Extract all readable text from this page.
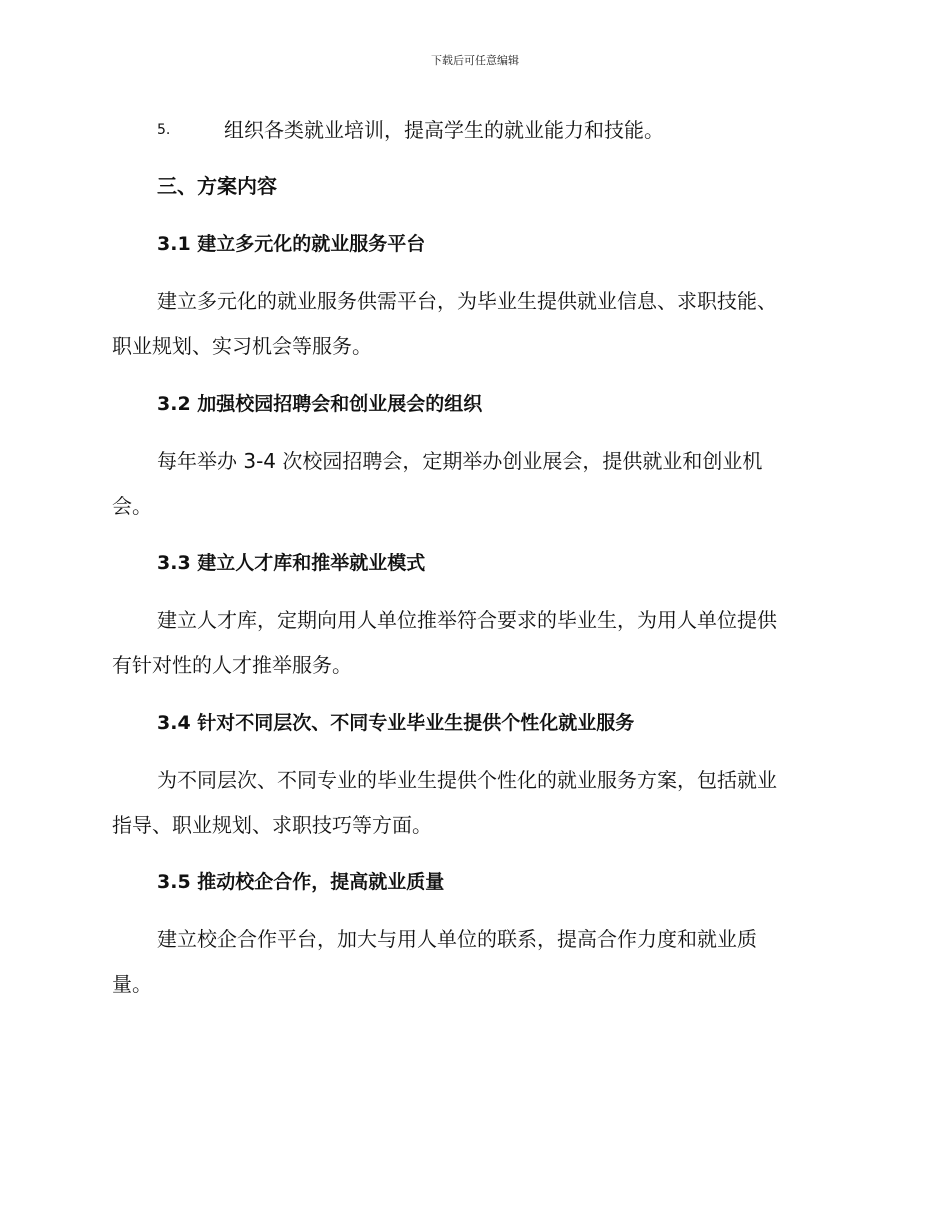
下载后可任意编辑
5.	组织各类就业培训，提高学生的就业能力和技能。
三、方案内容
3.1 建立多元化的就业服务平台
建立多元化的就业服务供需平台，为毕业生提供就业信息、求职技能、
职业规划、实习机会等服务。
3.2 加强校园招聘会和创业展会的组织
每年举办 3-4 次校园招聘会，定期举办创业展会，提供就业和创业机
会。
3.3 建立人才库和推举就业模式
建立人才库，定期向用人单位推举符合要求的毕业生，为用人单位提供
有针对性的人才推举服务。
3.4 针对不同层次、不同专业毕业生提供个性化就业服务
为不同层次、不同专业的毕业生提供个性化的就业服务方案，包括就业
指导、职业规划、求职技巧等方面。
3.5 推动校企合作，提高就业质量
建立校企合作平台，加大与用人单位的联系，提高合作力度和就业质
量。
